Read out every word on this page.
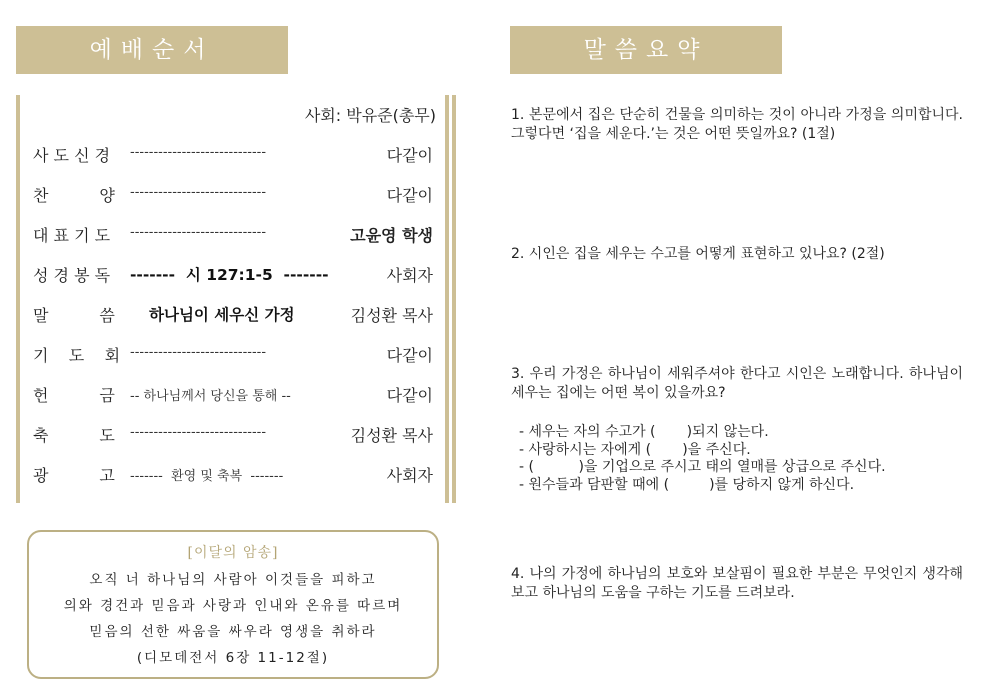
예배순서
사회: 박유준(총무)
사 도 신 경 -----------------------------	다같이
찬          양 -----------------------------	다같이
대 표 기 도 -----------------------------	고윤영 학생
성 경 봉 독 -------  시 127:1-5  -------	사회자
말          씀 하나님이 세우신 가정	김성환 목사
기    도    회 -----------------------------	다같이
헌          금 -- 하나님께서 당신을 통해 --	다같이
축          도 -----------------------------	김성환 목사
광          고 -------  환영 및 축복  -------	사회자
[이달의 암송]
오직 너 하나님의 사람아 이것들을 피하고
의와 경건과 믿음과 사랑과 인내와 온유를 따르며
믿음의 선한 싸움을 싸우라 영생을 취하라
(디모데전서 6장 11-12절)
말씀요약
1. 본문에서 집은 단순히 건물을 의미하는 것이 아니라 가정을 의미합니다. 그렇다면 ‘집을 세운다.’는 것은 어떤 뜻일까요? (1절)
2. 시인은 집을 세우는 수고를 어떻게 표현하고 있나요? (2절)
3. 우리 가정은 하나님이 세워주셔야 한다고 시인은 노래합니다. 하나님이 세우는 집에는 어떤 복이 있을까요?
- 세우는 자의 수고가 (       )되지 않는다.
- 사랑하시는 자에게 (       )을 주신다.
- (          )을 기업으로 주시고 태의 열매를 상급으로 주신다.
- 원수들과 담판할 때에 (         )를 당하지 않게 하신다.
4. 나의 가정에 하나님의 보호와 보살핌이 필요한 부분은 무엇인지 생각해 보고 하나님의 도움을 구하는 기도를 드려보라.
